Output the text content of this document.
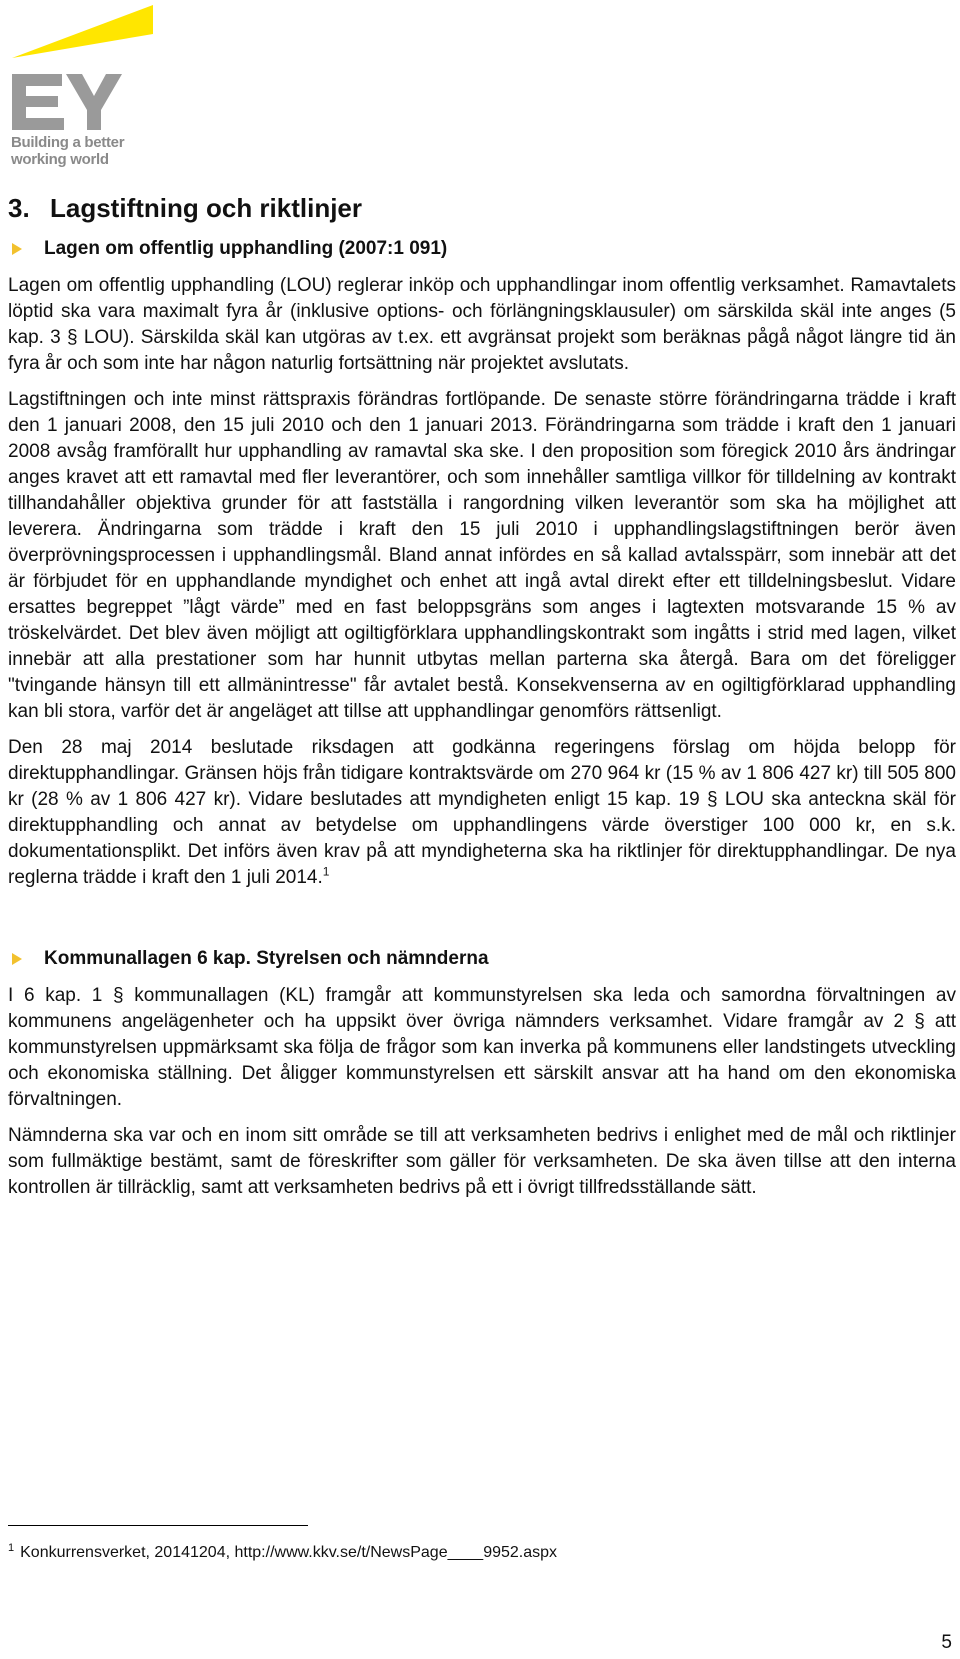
Building a better
working world

3. Lagstiftning och riktlinjer
Lagen om offentlig upphandling (2007:1 091)

Lagen om offentlig upphandling (LOU) reglerar inköp och upphandlingar inom offentlig verksamhet. Ramavtalets löptid ska vara maximalt fyra år (inklusive options- och förlängningsklausuler) om särskilda skäl inte anges (5 kap. 3 § LOU). Särskilda skäl kan utgöras av t.ex. ett avgränsat projekt som beräknas pågå något längre tid än fyra år och som inte har någon naturlig fortsättning när projektet avslutats.

Lagstiftningen och inte minst rättspraxis förändras fortlöpande. De senaste större förändringarna trädde i kraft den 1 januari 2008, den 15 juli 2010 och den 1 januari 2013. Förändringarna som trädde i kraft den 1 januari 2008 avsåg framförallt hur upphandling av ramavtal ska ske. I den proposition som föregick 2010 års ändringar anges kravet att ett ramavtal med fler leverantörer, och som innehåller samtliga villkor för tilldelning av kontrakt tillhandahåller objektiva grunder för att fastställa i rangordning vilken leverantör som ska ha möjlighet att leverera. Ändringarna som trädde i kraft den 15 juli 2010 i upphandlingslagstiftningen berör även överprövningsprocessen i upphandlingsmål. Bland annat infördes en så kallad avtalsspärr, som innebär att det är förbjudet för en upphandlande myndighet och enhet att ingå avtal direkt efter ett tilldelningsbeslut. Vidare ersattes begreppet ”lågt värde” med en fast beloppsgräns som anges i lagtexten motsvarande 15 % av tröskelvärdet. Det blev även möjligt att ogiltigförklara upphandlingskontrakt som ingåtts i strid med lagen, vilket innebär att alla prestationer som har hunnit utbytas mellan parterna ska återgå. Bara om det föreligger "tvingande hänsyn till ett allmänintresse" får avtalet bestå. Konsekvenserna av en ogiltigförklarad upphandling kan bli stora, varför det är angeläget att tillse att upphandlingar genomförs rättsenligt.

Den 28 maj 2014 beslutade riksdagen att godkänna regeringens förslag om höjda belopp för direktupphandlingar. Gränsen höjs från tidigare kontraktsvärde om 270 964 kr (15 % av 1 806 427 kr) till 505 800 kr (28 % av 1 806 427 kr). Vidare beslutades att myndigheten enligt 15 kap. 19 § LOU ska anteckna skäl för direktupphandling och annat av betydelse om upphandlingens värde överstiger 100 000 kr, en s.k. dokumentationsplikt. Det införs även krav på att myndigheterna ska ha riktlinjer för direktupphandlingar. De nya reglerna trädde i kraft den 1 juli 2014.$^1$

Kommunallagen 6 kap. Styrelsen och nämnderna

I 6 kap. 1 § kommunallagen (KL) framgår att kommunstyrelsen ska leda och samordna förvaltningen av kommunens angelägenheter och ha uppsikt över övriga nämnders verksamhet. Vidare framgår av 2 § att kommunstyrelsen uppmärksamt ska följa de frågor som kan inverka på kommunens eller landstingets utveckling och ekonomiska ställning. Det åligger kommunstyrelsen ett särskilt ansvar att ha hand om den ekonomiska förvaltningen.

Nämnderna ska var och en inom sitt område se till att verksamheten bedrivs i enlighet med de mål och riktlinjer som fullmäktige bestämt, samt de föreskrifter som gäller för verksamheten. De ska även tillse att den interna kontrollen är tillräcklig, samt att verksamheten bedrivs på ett i övrigt tillfredsställande sätt.

$^1$ Konkurrensverket, 20141204, http://www.kkv.se/t/NewsPage____9952.aspx
5
